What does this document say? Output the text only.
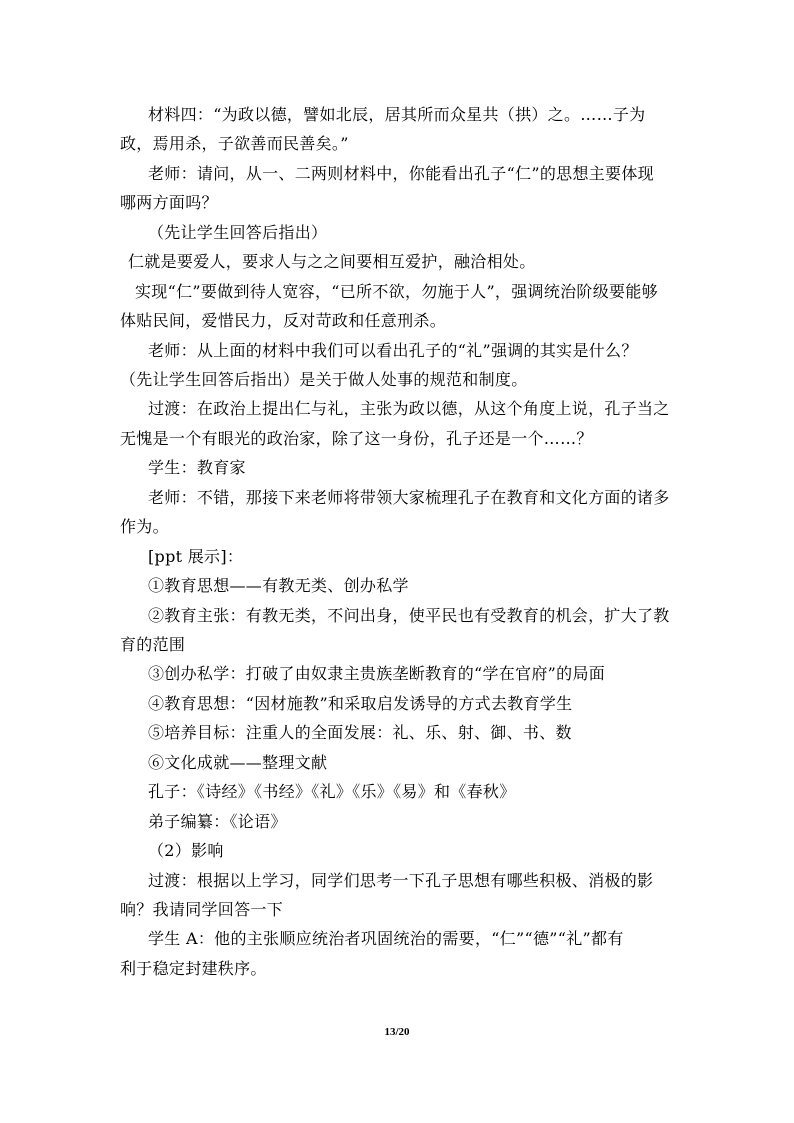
材料四：“为政以德，譬如北辰，居其所而众星共（拱）之。……子为
政，焉用杀，子欲善而民善矣。”
老师：请问，从一、二两则材料中，你能看出孔子“仁”的思想主要体现
哪两方面吗？
（先让学生回答后指出）
仁就是要爱人，要求人与之之间要相互爱护，融洽相处。
实现“仁”要做到待人宽容，“已所不欲，勿施于人”，强调统治阶级要能够
体贴民间，爱惜民力，反对苛政和任意刑杀。
老师：从上面的材料中我们可以看出孔子的“礼”强调的其实是什么？
（先让学生回答后指出）是关于做人处事的规范和制度。
过渡：在政治上提出仁与礼，主张为政以德，从这个角度上说，孔子当之
无愧是一个有眼光的政治家，除了这一身份，孔子还是一个……？
学生：教育家
老师：不错，那接下来老师将带领大家梳理孔子在教育和文化方面的诸多
作为。
[ppt 展示]：
①教育思想——有教无类、创办私学
②教育主张：有教无类，不问出身，使平民也有受教育的机会，扩大了教
育的范围
③创办私学：打破了由奴隶主贵族垄断教育的“学在官府”的局面
④教育思想：“因材施教”和采取启发诱导的方式去教育学生
⑤培养目标：注重人的全面发展：礼、乐、射、御、书、数
⑥文化成就——整理文献
孔子：《诗经》《书经》《礼》《乐》《易》和《春秋》
弟子编纂：《论语》
（2）影响
过渡：根据以上学习，同学们思考一下孔子思想有哪些积极、消极的影
响？我请同学回答一下
学生 A：他的主张顺应统治者巩固统治的需要，“仁”“德”“礼”都有
利于稳定封建秩序。
13/20
